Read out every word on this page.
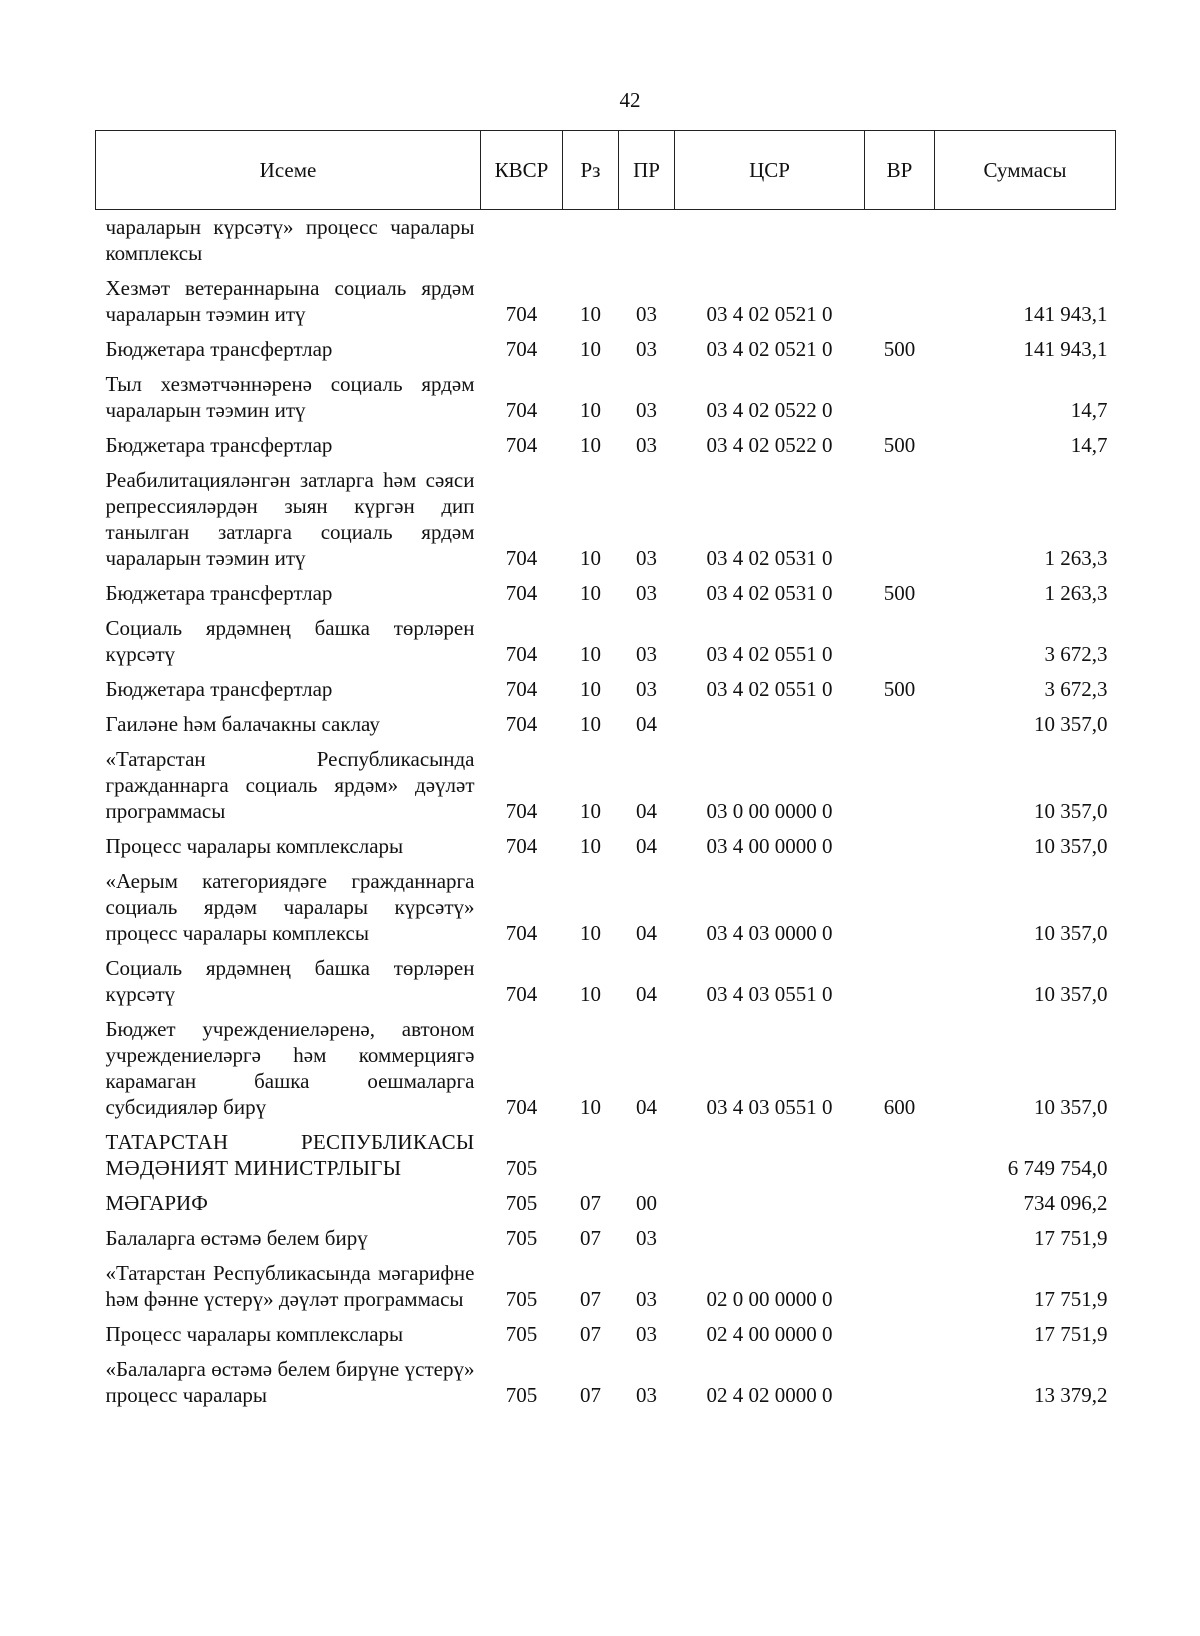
42
Исеме	КВСР	Рз	ПР	ЦСР	ВР	Суммасы
чараларын күрсәтү» процесс чаралары комплексы						
Хезмәт ветераннарына социаль ярдәм чараларын тәэмин итү	704	10	03	03 4 02 0521 0		141 943,1
Бюджетара трансфертлар	704	10	03	03 4 02 0521 0	500	141 943,1
Тыл хезмәтчәннәренә социаль ярдәм чараларын тәэмин итү	704	10	03	03 4 02 0522 0		14,7
Бюджетара трансфертлар	704	10	03	03 4 02 0522 0	500	14,7
Реабилитацияләнгән затларга һәм сәяси репрессияләрдән зыян күргән дип танылган затларга социаль ярдәм чараларын тәэмин итү	704	10	03	03 4 02 0531 0		1 263,3
Бюджетара трансфертлар	704	10	03	03 4 02 0531 0	500	1 263,3
Социаль ярдәмнең башка төрләрен күрсәтү	704	10	03	03 4 02 0551 0		3 672,3
Бюджетара трансфертлар	704	10	03	03 4 02 0551 0	500	3 672,3
Гаиләне һәм балачакны саклау	704	10	04			10 357,0
«Татарстан Республикасында гражданнарга социаль ярдәм» дәүләт программасы	704	10	04	03 0 00 0000 0		10 357,0
Процесс чаралары комплекслары	704	10	04	03 4 00 0000 0		10 357,0
«Аерым категориядәге гражданнарга социаль ярдәм чаралары күрсәтү» процесс чаралары комплексы	704	10	04	03 4 03 0000 0		10 357,0
Социаль ярдәмнең башка төрләрен күрсәтү	704	10	04	03 4 03 0551 0		10 357,0
Бюджет учреждениеләренә, автоном учреждениеләргә һәм коммерциягә карамаган башка оешмаларга субсидияләр бирү	704	10	04	03 4 03 0551 0	600	10 357,0
ТАТАРСТАН РЕСПУБЛИКАСЫ МӘДӘНИЯТ МИНИСТРЛЫГЫ	705					6 749 754,0
МӘГАРИФ	705	07	00			734 096,2
Балаларга өстәмә белем бирү	705	07	03			17 751,9
«Татарстан Республикасында мәгарифне һәм фәнне үстерү» дәүләт программасы	705	07	03	02 0 00 0000 0		17 751,9
Процесс чаралары комплекслары	705	07	03	02 4 00 0000 0		17 751,9
«Балаларга өстәмә белем бирүне үстерү» процесс чаралары	705	07	03	02 4 02 0000 0		13 379,2
